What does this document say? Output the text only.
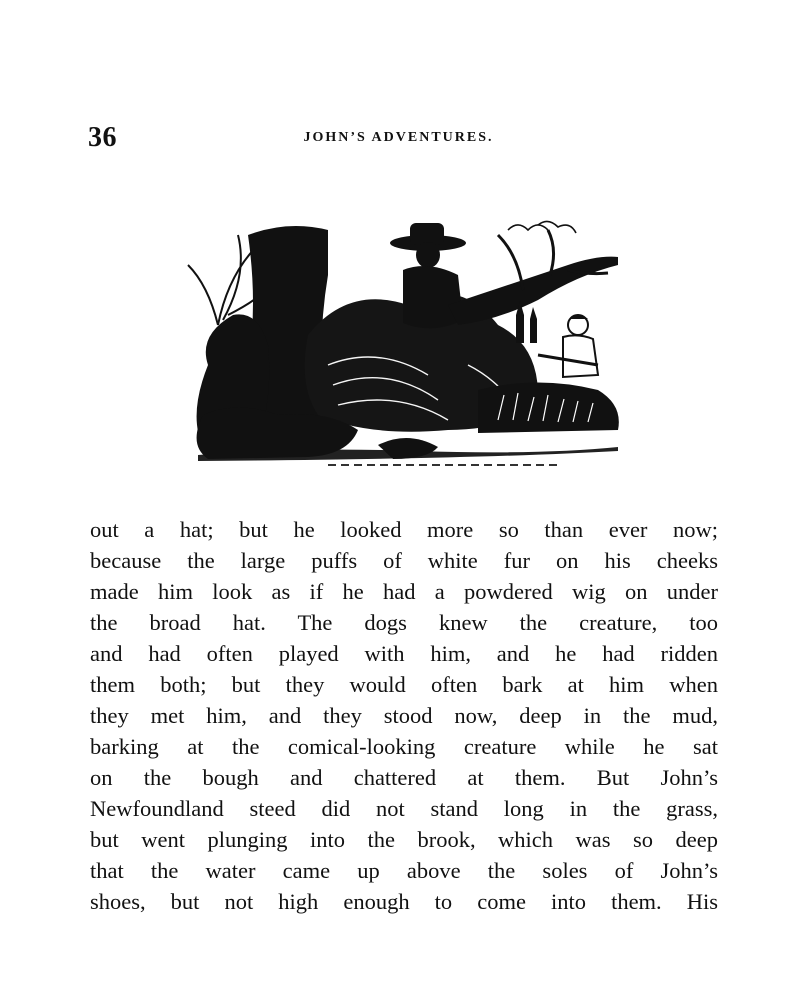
36	JOHN’S ADVENTURES.
out a hat; but he looked more so than ever now;
because the large puffs of white fur on his cheeks
made him look as if he had a powdered wig on under
the broad hat. The dogs knew the creature, too
and had often played with him, and he had ridden
them both; but they would often bark at him when
they met him, and they stood now, deep in the mud,
barking at the comical-looking creature while he sat
on the bough and chattered at them. But John’s
Newfoundland steed did not stand long in the grass,
but went plunging into the brook, which was so deep
that the water came up above the soles of John’s
shoes, but not high enough to come into them. His
